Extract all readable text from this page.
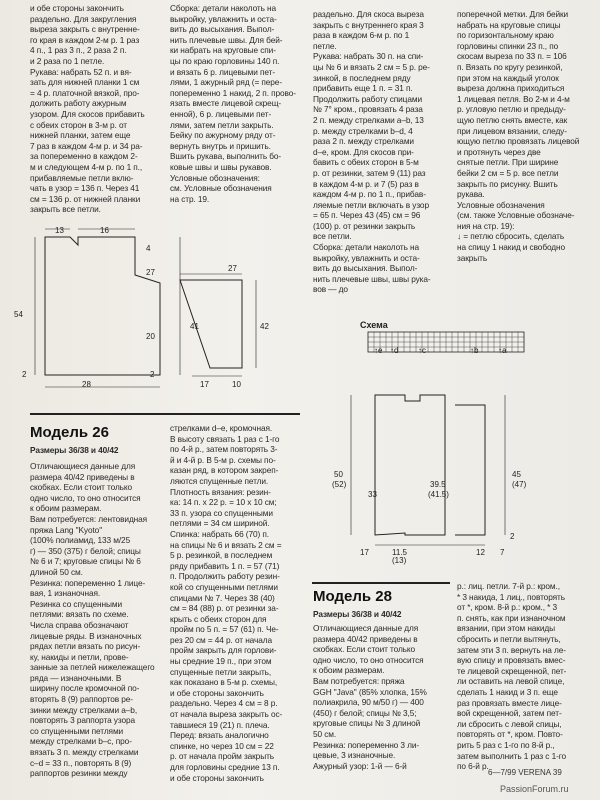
и обе стороны закончить

раздельно. Для закругления

выреза закрыть с внутренне-

го края в каждом 2-м р. 1 раз

4 п., 1 раз 3 п., 2 раза 2 п.

и 2 раза по 1 петле.

Рукава: набрать 52 п. и вя-

зать для нижней планки 1 см

= 4 р. платочной вязкой, про-

должить работу ажурным

узором. Для скосов прибавить

с обеих сторон в 3-м р. от

нижней планки, затем еще

7 раз в каждом 4-м р. и 34 ра-

за попеременно в каждом 2-

м и следующем 4-м р. по 1 п.,

прибавляемые петли вклю-

чать в узор = 136 п. Через 41

см = 136 р. от нижней планки

закрыть все петли.

Сборка: детали наколоть на

выкройку, увлажнить и оста-

вить до высыхания. Выпол-

нить плечевые швы. Для бей-

ки набрать на круговые спи-

цы по краю горловины 140 п.

и вязать 6 р. лицевыми пет-

лями, 1 ажурный ряд (= пере-

попеременно 1 накид, 2 п. прово-

язать вместе лицевой скрещ-

енной), 6 р. лицевыми пет-

лями, затем петли закрыть.

Бейку по ажурному ряду от-

вернуть внутрь и пришить.

Вшить рукава, выполнить бо-

ковые швы и швы рукавов.

Условные обозначения:

см. Условные обозначения

на стр. 19.

раздельно. Для скоса выреза

закрыть с внутреннего края 3

раза в каждом 6-м р. по 1

петле.

Рукава: набрать 30 п. на спи-

цы № 6 и вязать 2 см = 5 р. ре-

зинкой, в последнем ряду

прибавить еще 1 п. = 31 п.

Продолжить работу спицами

№ 7° кром., провязать 4 раза

2 п. между стрелками а–b, 13

р. между стрелками b–d, 4

раза 2 п. между стрелками

d–e, кром. Для скосов при-

бавить с обеих сторон в 5-м

р. от резинки, затем 9 (11) раз

в каждом 4-м р. и 7 (5) раз в

каждом 4-м р. по 1 п., прибав-

ляемые петли включать в узор

= 65 п. Через 43 (45) см = 96

(100) р. от резинки закрыть

все петли.

Сборка: детали наколоть на

выкройку, увлажнить и оста-

вить до высыхания. Выпол-

нить плечевые швы, швы рука-

вов — до

поперечной метки. Для бейки

набрать на круговые спицы

по горизонтальному краю

горловины спинки 23 п., по

скосам выреза по 33 п. = 106

п. Вязать по кругу резинкой,

при этом на каждый уголок

выреза должна приходиться

1 лицевая петля. Во 2-м и 4-м

р. угловую петлю и предыду-

щую петлю снять вместе, как

при лицевом вязании, следу-

ющую петлю провязать лицевой

и протянуть через две

снятые петли. При ширине

бейки 2 см = 5 р. все петли

закрыть по рисунку. Вшить

рукава.

Условные обозначения

(см. также Условные обозначе-

ния на стр. 19):

↓ = петлю сбросить, сделать

на спицу 1 накид и свободно

закрыть

13	16
54
27
20
4
28
2
2
27
41	42
17	10
Схема
↑e ↑d ↑c	↑b ↑a
50
(52)
33
39.5
(41.5)
45
(47)
2
11.5
(13)
17	12 7
Модель 26
Размеры 36/38 и 40/42

Отличающиеся данные для

размера 40/42 приведены в

скобках. Если стоит только

одно число, то оно относится

к обоим размерам.

Вам потребуется: лентовидная

пряжа Lang "Kyoto"

(100% полиамид, 133 м/25

г) — 350 (375) г белой; спицы

№ 6 и 7; круговые спицы № 6

длиной 50 см.

Резинка: попеременно 1 лице-

вая, 1 изнаночная.

Резинка со спущенными

петлями: вязать по схеме.

Числа справа обозначают

лицевые ряды. В изнаночных

рядах петли вязать по рисун-

ку, накиды и петли, прове-

занные за петлей нижележащего

ряда — изнаночными. В

ширину после кромочной по-

вторять 8 (9) раппортов ре-

зинки между стрелками a–b,

повторять 3 раппорта узора

со спущенными петлями

между стрелками b–c, про-

вязать 3 п. между стрелками

c–d = 33 п., повторять 8 (9)

раппортов резинки между

стрелками d–e, кромочная.

В высоту связать 1 раз с 1-го

по 4-й р., затем повторять 3-

й и 4-й р. В 5-м р. схемы по-

казан ряд, в котором закреп-

ляются спущенные петли.

Плотность вязания: резин-

ка: 14 п. x 22 р. = 10 x 10 см;

33 п. узора со спущенными

петлями = 34 см шириной.

Спинка: набрать 66 (70) п.

на спицы № 6 и вязать 2 см =

5 р. резинкой, в последнем

ряду прибавить 1 п. = 57 (71)

п. Продолжить работу резин-

кой со спущенными петлями

спицами № 7. Через 38 (40)

см = 84 (88) р. от резинки за-

крыть с обеих сторон для

пройм по 5 п. = 57 (61) п. Че-

рез 20 см = 44 р. от начала

пройм закрыть для горлови-

ны средние 19 п., при этом

спущенные петли закрыть,

как показано в 5-м р. схемы,

и обе стороны закончить

раздельно. Через 4 см = 8 р.

от начала выреза закрыть ос-

тавшиеся 19 (21) п. плеча.

Перед: вязать аналогично

спинке, но через 10 см = 22

р. от начала пройм закрыть

для горловины средние 13 п.

и обе стороны закончить

Модель 28
Размеры 36/38 и 40/42

Отличающиеся данные для

размера 40/42 приведены в

скобках. Если стоит только

одно число, то оно относится

к обоим размерам.

Вам потребуется: пряжа

GGH "Java" (85% хлопка, 15%

полиакрила, 90 м/50 г) — 400

(450) г белой; спицы № 3,5;

круговые спицы № 3 длиной

50 см.

Резинка: попеременно 3 ли-

цевые, 3 изнаночные.

Ажурный узор: 1-й — 6-й

р.: лиц. петли. 7-й р.: кром.,

* 3 накида, 1 лиц., повторять

от *, кром. 8-й р.: кром., * 3

п. снять, как при изнаночном

вязании, при этом накиды

сбросить и петли вытянуть,

затем эти 3 п. вернуть на ле-

вую спицу и провязать вмес-

те лицевой скрещенной, пет-

ли оставить на левой спице,

сделать 1 накид и 3 п. еще

раз провязать вместе лице-

вой скрещенной, затем пет-

ли сбросить с левой спицы,

повторять от *, кром. Повто-

рить 5 раз с 1-го по 8-й р.,

затем выполнить 1 раз с 1-го

по 6-й р.

6—7/99 VERENA 39
PassionForum.ru
